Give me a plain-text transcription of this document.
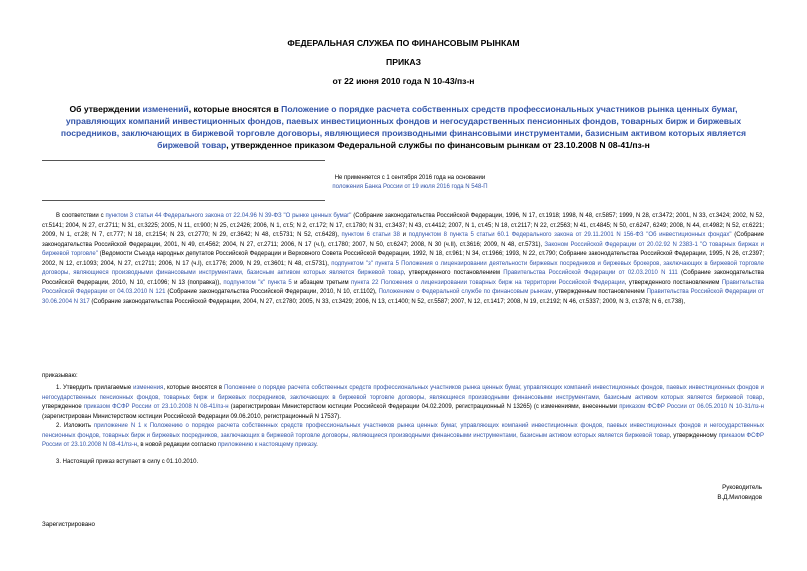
ФЕДЕРАЛЬНАЯ СЛУЖБА ПО ФИНАНСОВЫМ РЫНКАМ
ПРИКАЗ
от 22 июня 2010 года N 10-43/пз-н
Об утверждении изменений, которые вносятся в Положение о порядке расчета собственных средств профессиональных участников рынка ценных бумаг, управляющих компаний инвестиционных фондов, паевых инвестиционных фондов и негосударственных пенсионных фондов, товарных бирж и биржевых посредников, заключающих в биржевой торговле договоры, являющиеся производными финансовыми инструментами, базисным активом которых является биржевой товар, утвержденное приказом Федеральной службы по финансовым рынкам от 23.10.2008 N 08-41/пз-н
Не применяется с 1 сентября 2016 года на основании
положения Банка России от 19 июля 2016 года N 548-П
В соответствии с пунктом 3 статьи 44 Федерального закона от 22.04.96 N 39-ФЗ "О рынке ценных бумаг" (Собрание законодательства Российской Федерации, 1996, N 17, ст.1918; 1998, N 48, ст.5857; 1999, N 28, ст.3472; 2001, N 33, ст.3424; 2002, N 52, ст.5141; 2004, N 27, ст.2711; N 31, ст.3225; 2005, N 11, ст.900; N 25, ст.2426; 2006, N 1, ст.5; N 2, ст.172; N 17, ст.1780; N 31, ст.3437; N 43, ст.4412; 2007, N 1, ст.45; N 18, ст.2117; N 22, ст.2563; N 41, ст.4845; N 50, ст.6247, 6249; 2008, N 44, ст.4982; N 52, ст.6221; 2009, N 1, ст.28; N 7, ст.777; N 18, ст.2154; N 23, ст.2770; N 29, ст.3642; N 48, ст.5731; N 52, ст.6428), пунктом 6 статьи 38 и подпунктом 8 пункта 5 статьи 60.1 Федерального закона от 29.11.2001 N 156-ФЗ "Об инвестиционных фондах" (Собрание законодательства Российской Федерации, 2001, N 49, ст.4562; 2004, N 27, ст.2711; 2006, N 17 (ч.I), ст.1780; 2007, N 50, ст.6247; 2008, N 30 (ч.II), ст.3616; 2009, N 48, ст.5731), Законом Российской Федерации от 20.02.92 N 2383-1 "О товарных биржах и биржевой торговле" (Ведомости Съезда народных депутатов Российской Федерации и Верховного Совета Российской Федерации, 1992, N 18, ст.961; N 34, ст.1966; 1993, N 22, ст.790; Собрание законодательства Российской Федерации, 1995, N 26, ст.2397; 2002, N 12, ст.1093; 2004, N 27, ст.2711; 2006, N 17 (ч.I), ст.1776; 2009, N 29, ст.3601; N 48, ст.5731), подпунктом "з" пункта 5 Положения о лицензировании деятельности биржевых посредников и биржевых брокеров, заключающих в биржевой торговле договоры, являющиеся производными финансовыми инструментами, базисным активом которых является биржевой товар, утвержденного постановлением Правительства Российской Федерации от 02.03.2010 N 111 (Собрание законодательства Российской Федерации, 2010, N 10, ст.1096; N 13 (поправка)), подпунктом "к" пункта 5 и абзацем третьим пункта 22 Положения о лицензировании товарных бирж на территории Российской Федерации, утвержденного постановлением Правительства Российской Федерации от 04.03.2010 N 121 (Собрание законодательства Российской Федерации, 2010, N 10, ст.1102), Положением о Федеральной службе по финансовым рынкам, утвержденным постановлением Правительства Российской Федерации от 30.06.2004 N 317 (Собрание законодательства Российской Федерации, 2004, N 27, ст.2780; 2005, N 33, ст.3429; 2006, N 13, ст.1400; N 52, ст.5587; 2007, N 12, ст.1417; 2008, N 19, ст.2192; N 46, ст.5337; 2009, N 3, ст.378; N 6, ст.738),
приказываю:
1. Утвердить прилагаемые изменения, которые вносятся в Положение о порядке расчета собственных средств профессиональных участников рынка ценных бумаг, управляющих компаний инвестиционных фондов, паевых инвестиционных фондов и негосударственных пенсионных фондов, товарных бирж и биржевых посредников, заключающих в биржевой торговле договоры, являющиеся производными финансовыми инструментами, базисным активом которых является биржевой товар, утвержденное приказом ФСФР России от 23.10.2008 N 08-41/пз-н (зарегистрирован Министерством юстиции Российской Федерации 04.02.2009, регистрационный N 13265) (с изменениями, внесенными приказом ФСФР России от 06.05.2010 N 10-31/пз-н (зарегистрирован Министерством юстиции Российской Федерации 09.06.2010, регистрационный N 17537).
2. Изложить приложение N 1 к Положению о порядке расчета собственных средств профессиональных участников рынка ценных бумаг, управляющих компаний инвестиционных фондов, паевых инвестиционных фондов и негосударственных пенсионных фондов, товарных бирж и биржевых посредников, заключающих в биржевой торговле договоры, являющиеся производными финансовыми инструментами, базисным активом которых является биржевой товар, утвержденному приказом ФСФР России от 23.10.2008 N 08-41/пз-н, в новой редакции согласно приложению к настоящему приказу.
3. Настоящий приказ вступает в силу с 01.10.2010.
Руководитель
В.Д.Миловидов
Зарегистрировано
